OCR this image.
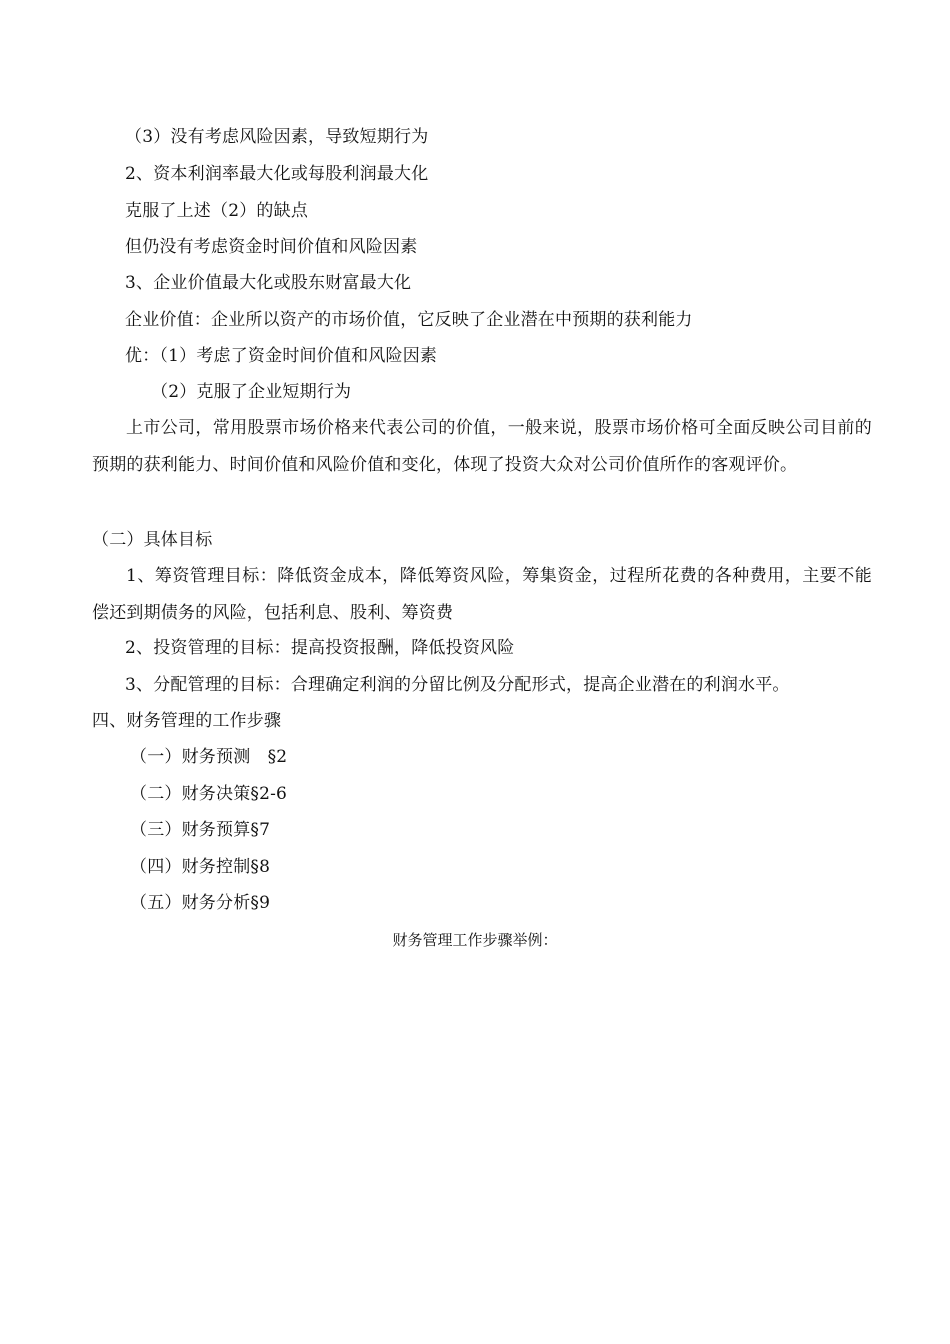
（3）没有考虑风险因素，导致短期行为
2、资本利润率最大化或每股利润最大化
克服了上述（2）的缺点
但仍没有考虑资金时间价值和风险因素
3、企业价值最大化或股东财富最大化
企业价值：企业所以资产的市场价值，它反映了企业潜在中预期的获利能力
优：（1）考虑了资金时间价值和风险因素
（2）克服了企业短期行为
上市公司，常用股票市场价格来代表公司的价值，一般来说，股票市场价格可全面反映公司目前的预期的获利能力、时间价值和风险价值和变化，体现了投资大众对公司价值所作的客观评价。
（二）具体目标
1、筹资管理目标：降低资金成本，降低筹资风险，筹集资金，过程所花费的各种费用，主要不能偿还到期债务的风险，包括利息、股利、筹资费
2、投资管理的目标：提高投资报酬，降低投资风险
3、分配管理的目标：合理确定利润的分留比例及分配形式，提高企业潜在的利润水平。
四、财务管理的工作步骤
（一）财务预测　§2
（二）财务决策§2-6
（三）财务预算§7
（四）财务控制§8
（五）财务分析§9
财务管理工作步骤举例：
